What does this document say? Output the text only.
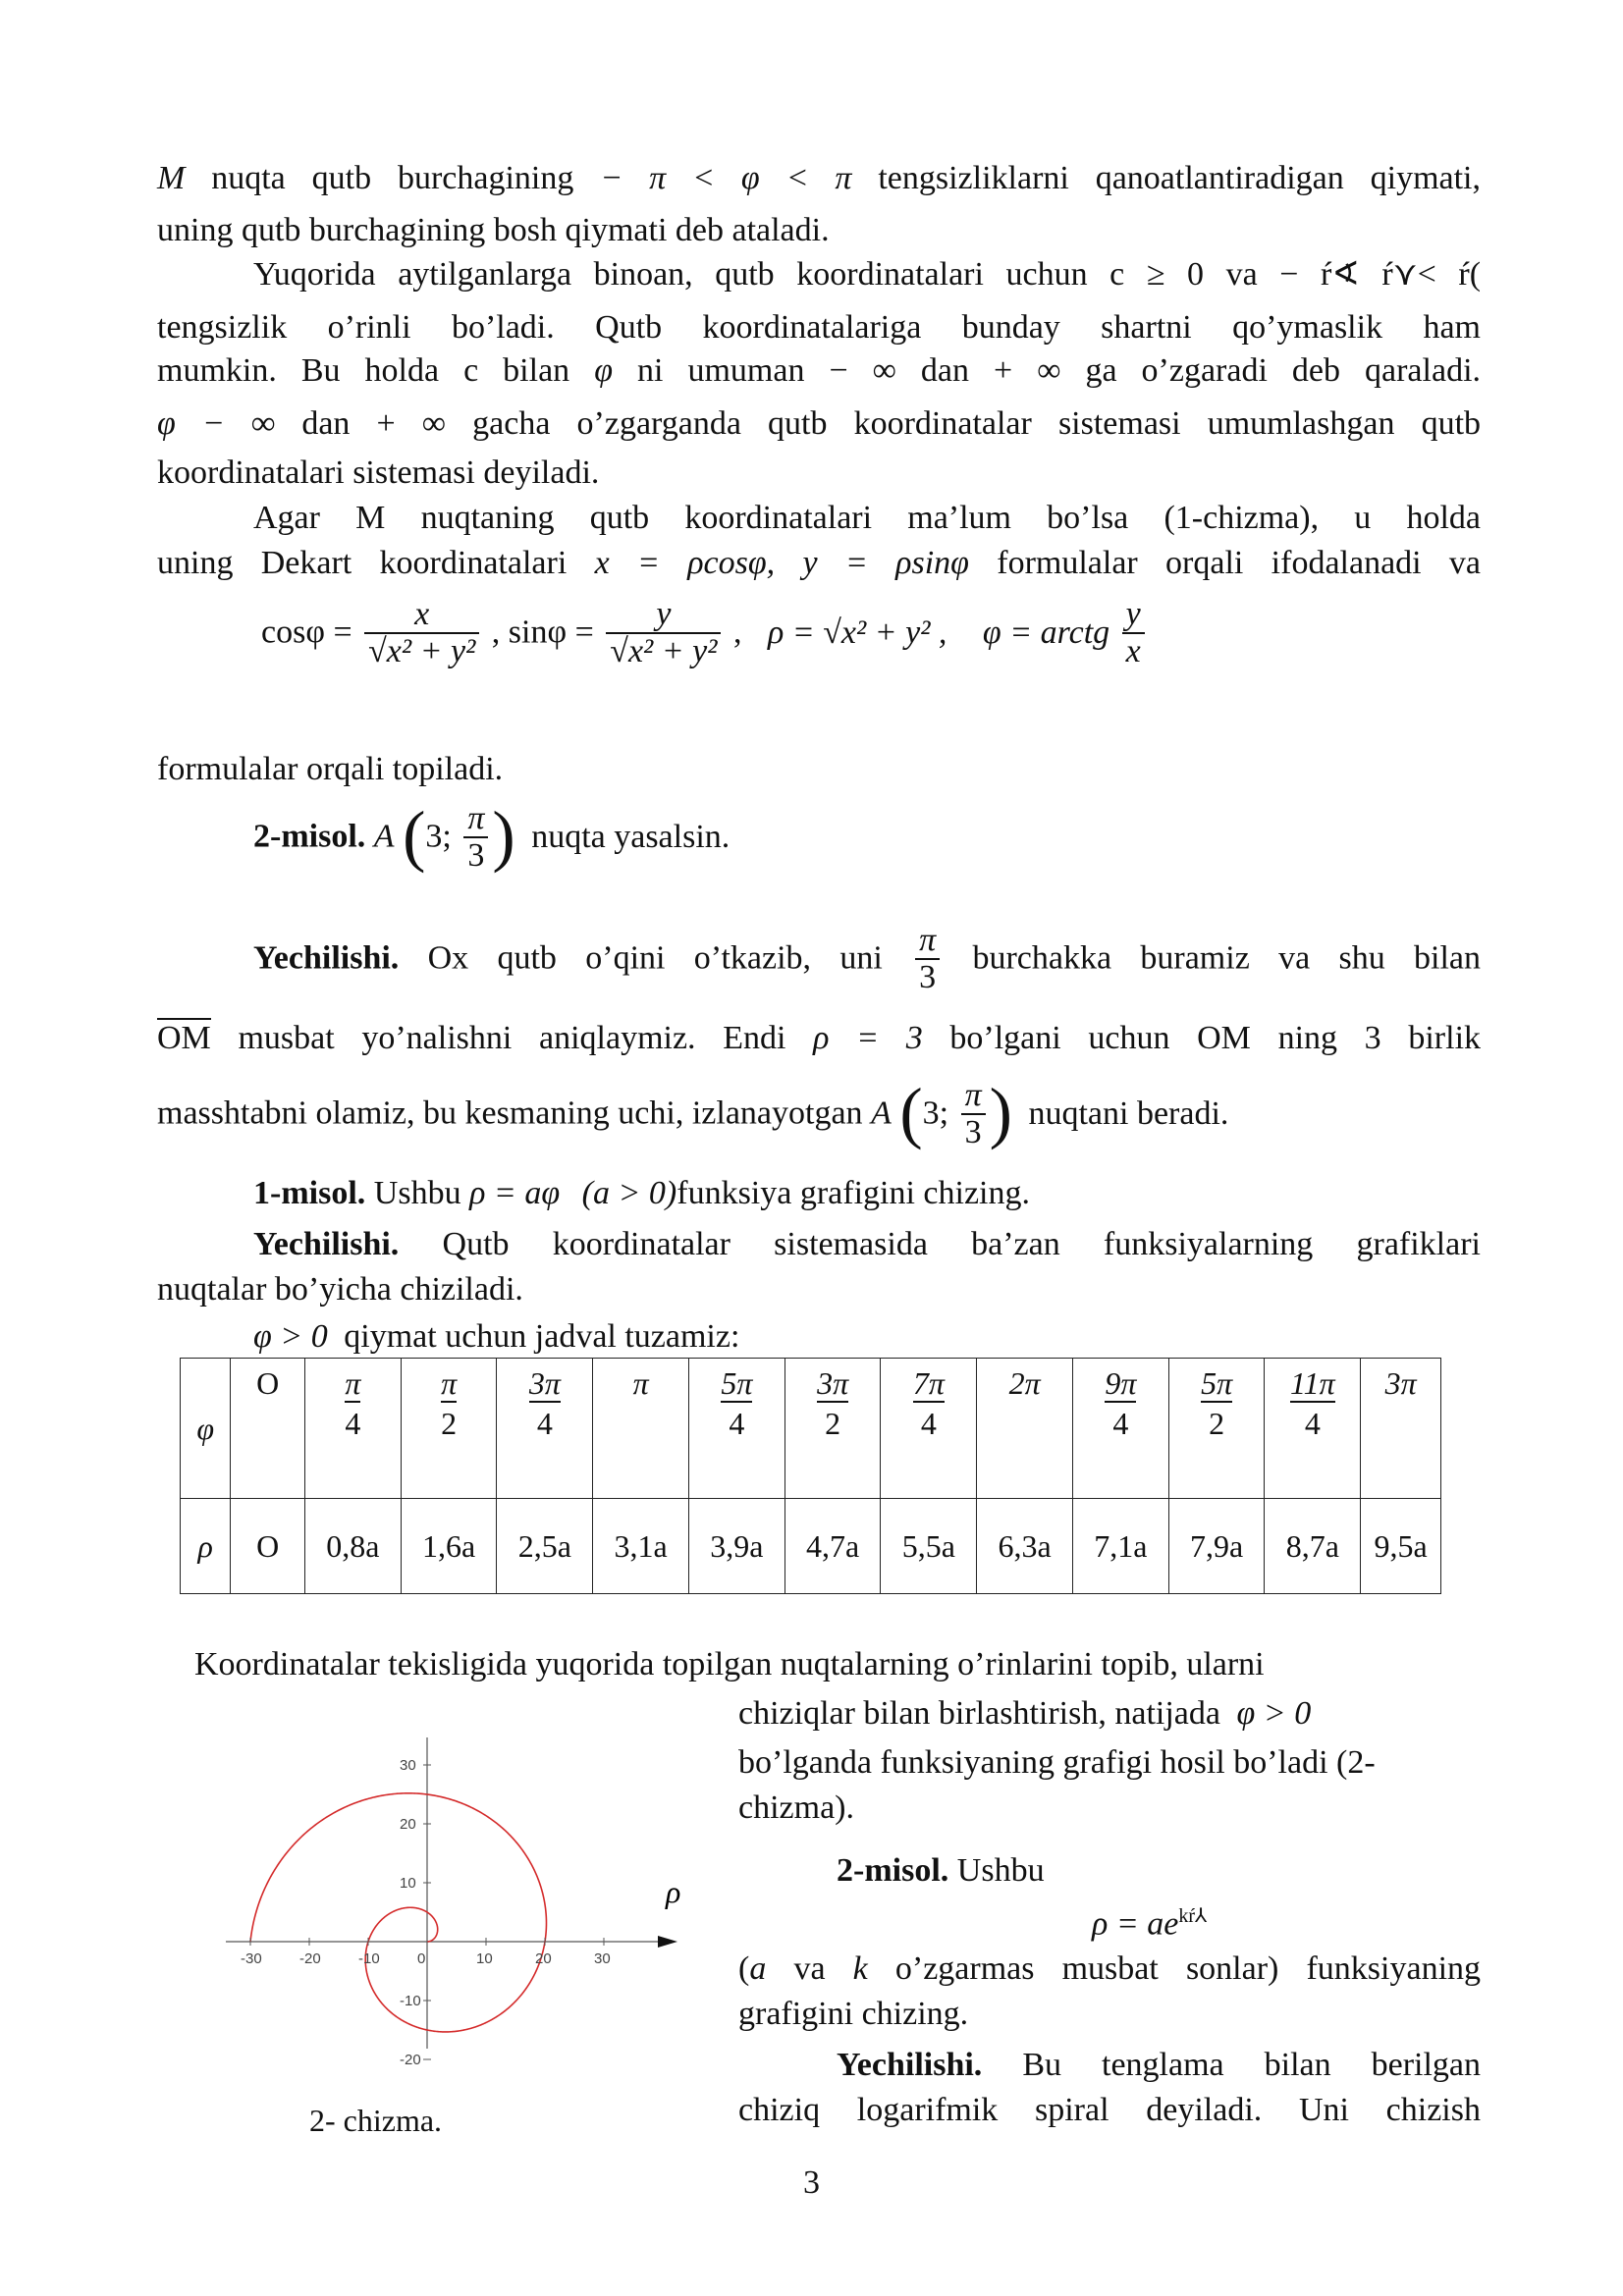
M nuqta qutb burchagining − π < φ < π tengsizliklarni qanoatlantiradigan qiymati,
uning qutb burchagining bosh qiymati deb ataladi.
Yuqorida aytilganlarga binoan, qutb koordinatalari uchun c ≥ 0 va − ŕ∢ ŕ⋎< ŕ(
tengsizlik o’rinli bo’ladi. Qutb koordinatalariga bunday shartni qo’ymaslik ham
mumkin. Bu holda c bilan φ ni umuman − ∞ dan + ∞ ga o’zgaradi deb qaraladi.
φ − ∞ dan + ∞ gacha o’zgarganda qutb koordinatalar sistemasi umumlashgan qutb
koordinatalari sistemasi deyiladi.
Agar M nuqtaning qutb koordinatalari ma’lum bo’lsa (1-chizma), u holda
uning Dekart koordinatalari x = ρcosφ, y = ρsinφ formulalar orqali ifodalanadi va
$\cos\varphi = \frac{x}{\text{√x² + y²}}$ , $\sin\varphi = \frac{y}{\text{√x² + y²}}$ , ρ = √x² + y² , φ = arctg $\frac{y}{x}$
formulalar orqali topiladi.
2-misol. A (3; $\frac{\pi}{3}$ ) nuqta yasalsin.
Yechilishi. Ox qutb o’qini o’tkazib, uni $\frac{\pi}{3}$ burchakka buramiz va shu bilan
OM musbat yo’nalishni aniqlaymiz. Endi ρ = 3 bo’lgani uchun OM ning 3 birlik
masshtabni olamiz, bu kesmaning uchi, izlanayotgan A (3; $\frac{\pi}{3}$ ) nuqtani beradi.
1-misol. Ushbu ρ = aφ (a > 0)funksiya grafigini chizing.
Yechilishi. Qutb koordinatalar sistemasida ba’zan funksiyalarning grafiklari
nuqtalar bo’yicha chiziladi.
φ > 0 qiymat uchun jadval tuzamiz:
φ	O	$\frac{\pi}{4}$	$\frac{\pi}{2}$	$\frac{3\pi}{4}$	π	$\frac{5\pi}{4}$	$\frac{3\pi}{2}$	$\frac{7\pi}{4}$	2π	$\frac{9\pi}{4}$	$\frac{5\pi}{2}$	$\frac{11\pi}{4}$	3π

ρ	O	0,8a	1,6a	2,5a	3,1a	3,9a	4,7a	5,5a	6,3a	7,1a	7,9a	8,7a	9,5a
Koordinatalar tekisligida yuqorida topilgan nuqtalarning o’rinlarini topib, ularni
chiziqlar bilan birlashtirish, natijada φ > 0
bo’lganda funksiyaning grafigi hosil bo’ladi (2-
chizma).
2-misol. Ushbu
$\rho = ae^{kŕ⅄}$
(a va k o’zgarmas musbat sonlar) funksiyaning
grafigini chizing.
Yechilishi. Bu tenglama bilan berilgan
chiziq logarifmik spiral deyiladi. Uni chizish
-30	-20	-10	0	10	20	30
30
20
10
-10
-20
ρ
2- chizma.
3
